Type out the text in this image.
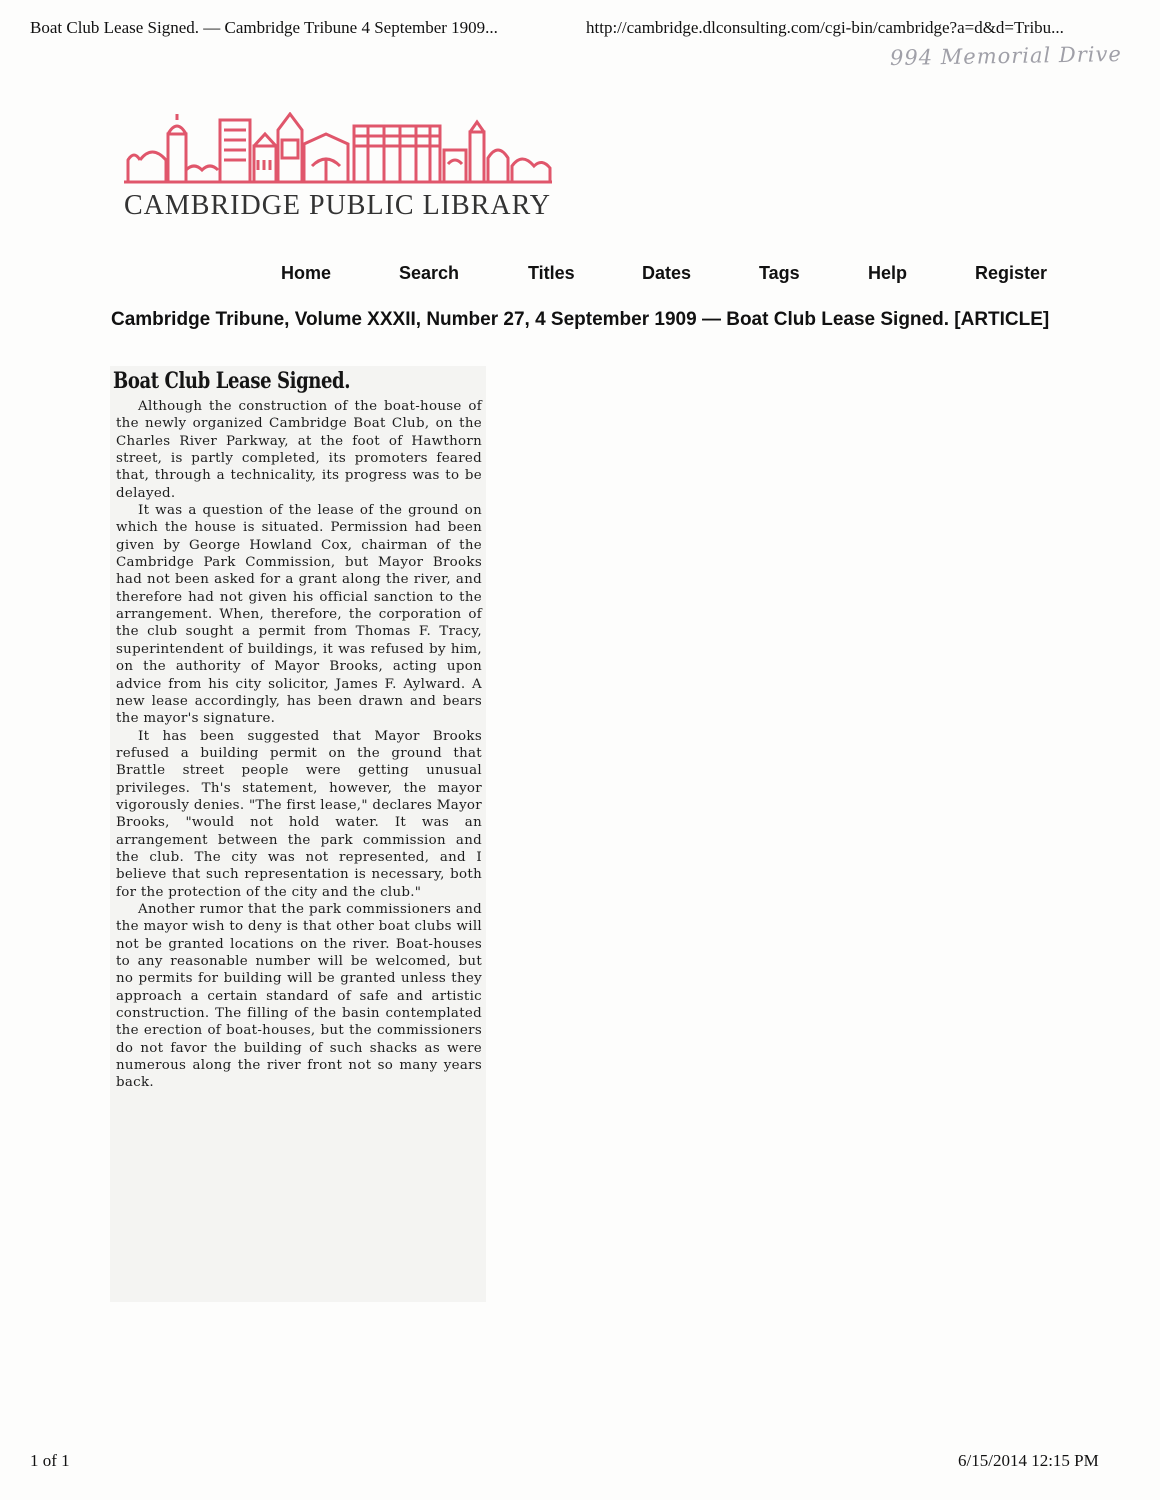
Boat Club Lease Signed. — Cambridge Tribune 4 September 1909...	http://cambridge.dlconsulting.com/cgi-bin/cambridge?a=d&d=Tribu...
994 Memorial Drive
CAMBRIDGE PUBLIC LIBRARY
Home	Search	Titles	Dates	Tags	Help	Register
Cambridge Tribune, Volume XXXII, Number 27, 4 September 1909 — Boat Club Lease Signed. [ARTICLE]
Boat Club Lease Signed.

Although the construction of the boat-house of the newly organized Cambridge Boat Club, on the Charles River Parkway, at the foot of Hawthorn street, is partly completed, its promoters feared that, through a technicality, its progress was to be delayed.

It was a question of the lease of the ground on which the house is situated. Permission had been given by George Howland Cox, chairman of the Cambridge Park Commission, but Mayor Brooks had not been asked for a grant along the river, and therefore had not given his official sanction to the arrangement. When, therefore, the corporation of the club sought a permit from Thomas F. Tracy, superintendent of buildings, it was refused by him, on the authority of Mayor Brooks, acting upon advice from his city solicitor, James F. Aylward. A new lease accordingly, has been drawn and bears the mayor's signature.

It has been suggested that Mayor Brooks refused a building permit on the ground that Brattle street people were getting unusual privileges. Th's statement, however, the mayor vigorously denies. "The first lease," declares Mayor Brooks, "would not hold water. It was an arrangement between the park commission and the club. The city was not represented, and I believe that such representation is necessary, both for the protection of the city and the club."

Another rumor that the park commissioners and the mayor wish to deny is that other boat clubs will not be granted locations on the river. Boat-houses to any reasonable number will be welcomed, but no permits for building will be granted unless they approach a certain standard of safe and artistic construction. The filling of the basin contemplated the erection of boat-houses, but the commissioners do not favor the building of such shacks as were numerous along the river front not so many years back.

1 of 1	6/15/2014 12:15 PM
